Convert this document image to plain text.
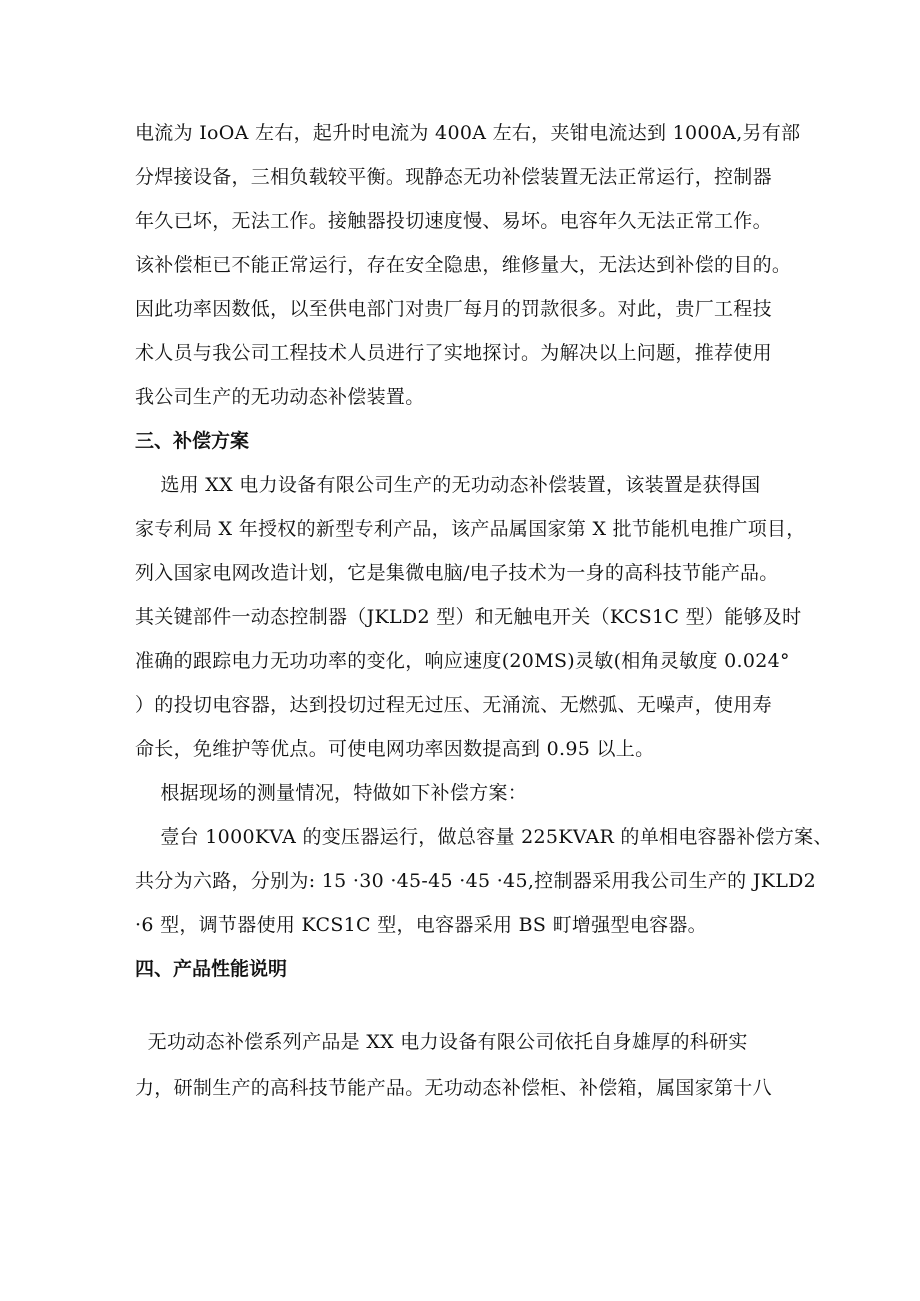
电流为 IoOA 左右，起升时电流为 400A 左右，夹钳电流达到 1000A,另有部
分焊接设备，三相负载较平衡。现静态无功补偿装置无法正常运行，控制器
年久已坏，无法工作。接触器投切速度慢、易坏。电容年久无法正常工作。
该补偿柜已不能正常运行，存在安全隐患，维修量大，无法达到补偿的目的。
因此功率因数低，以至供电部门对贵厂每月的罚款很多。对此，贵厂工程技
术人员与我公司工程技术人员进行了实地探讨。为解决以上问题，推荐使用
我公司生产的无功动态补偿装置。
三、补偿方案
选用 XX 电力设备有限公司生产的无功动态补偿装置，该装置是获得国
家专利局 X 年授权的新型专利产品，该产品属国家第 X 批节能机电推广项目，
列入国家电网改造计划，它是集微电脑/电子技术为一身的高科技节能产品。
其关键部件一动态控制器（JKLD2 型）和无触电开关（KCS1C 型）能够及时
准确的跟踪电力无功功率的变化，响应速度(20MS)灵敏(相角灵敏度 0.024°
）的投切电容器，达到投切过程无过压、无涌流、无燃弧、无噪声，使用寿
命长，免维护等优点。可使电网功率因数提高到 0.95 以上。
根据现场的测量情况，特做如下补偿方案：
壹台 1000KVA 的变压器运行，做总容量 225KVAR 的单相电容器补偿方案、
共分为六路，分别为: 15 ·30 ·45-45 ·45 ·45,控制器采用我公司生产的 JKLD2
·6 型，调节器使用 KCS1C 型，电容器采用 BS 町增强型电容器。
四、产品性能说明
无功动态补偿系列产品是 XX 电力设备有限公司依托自身雄厚的科研实
力，研制生产的高科技节能产品。无功动态补偿柜、补偿箱，属国家第十八
